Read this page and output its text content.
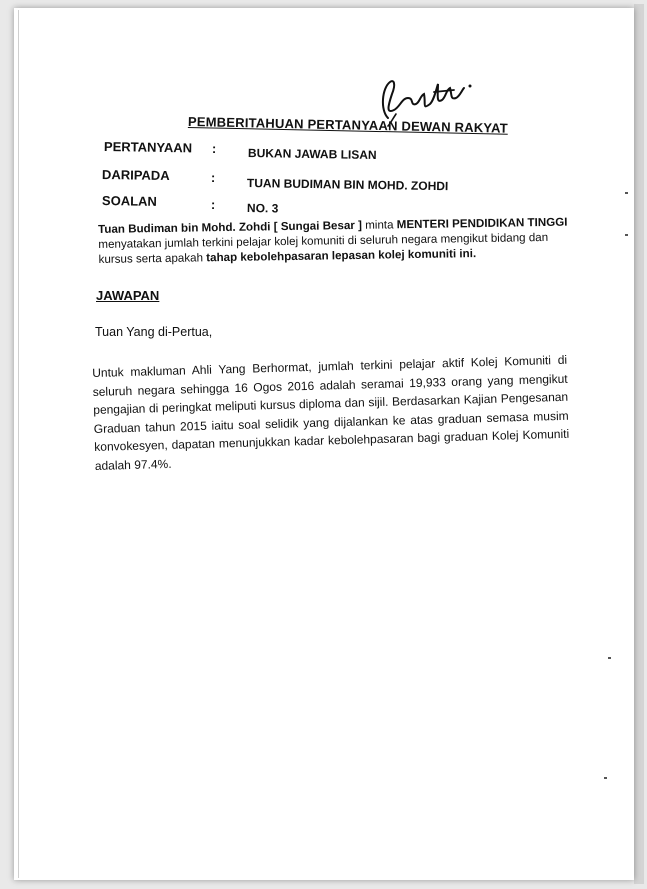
PEMBERITAHUAN PERTANYAAN DEWAN RAKYAT
PERTANYAAN :	BUKAN JAWAB LISAN
DARIPADA	:	TUAN BUDIMAN BIN MOHD. ZOHDI
SOALAN	:	NO. 3
Tuan Budiman bin Mohd. Zohdi [ Sungai Besar ] minta MENTERI PENDIDIKAN TINGGI menyatakan jumlah terkini pelajar kolej komuniti di seluruh negara mengikut bidang dan kursus serta apakah tahap kebolehpasaran lepasan kolej komuniti ini.
JAWAPAN
Tuan Yang di-Pertua,
Untuk makluman Ahli Yang Berhormat, jumlah terkini pelajar aktif Kolej Komuniti di seluruh negara sehingga 16 Ogos 2016 adalah seramai 19,933 orang yang mengikut pengajian di peringkat meliputi kursus diploma dan sijil. Berdasarkan Kajian Pengesanan Graduan tahun 2015 iaitu soal selidik yang dijalankan ke atas graduan semasa musim konvokesyen, dapatan menunjukkan kadar kebolehpasaran bagi graduan Kolej Komuniti adalah 97.4%.
